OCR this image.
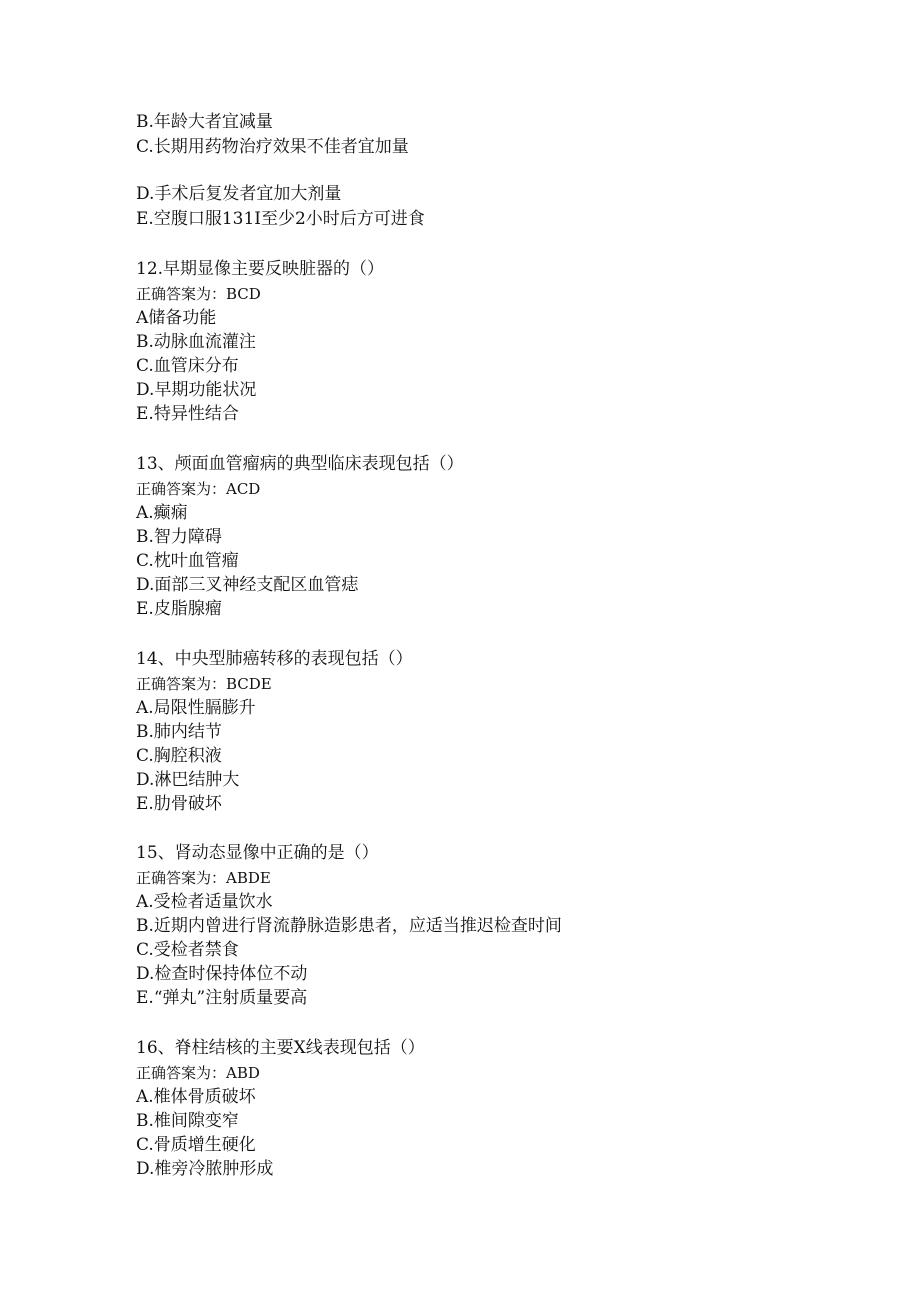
B.年龄大者宜减量
C.长期用药物治疗效果不佳者宜加量
D.手术后复发者宜加大剂量
E.空腹口服131I至少2小时后方可进食
12.早期显像主要反映脏器的（）
正确答案为：BCD
A储备功能
B.动脉血流灌注
C.血管床分布
D.早期功能状况
E.特异性结合
13、颅面血管瘤病的典型临床表现包括（）
正确答案为：ACD
A.癫痫
B.智力障碍
C.枕叶血管瘤
D.面部三叉神经支配区血管痣
E.皮脂腺瘤
14、中央型肺癌转移的表现包括（）
正确答案为：BCDE
A.局限性膈膨升
B.肺内结节
C.胸腔积液
D.淋巴结肿大
E.肋骨破坏
15、肾动态显像中正确的是（）
正确答案为：ABDE
A.受检者适量饮水
B.近期内曾进行肾流静脉造影患者，应适当推迟检查时间
C.受检者禁食
D.检查时保持体位不动
E.“弹丸”注射质量要高
16、脊柱结核的主要X线表现包括（）
正确答案为：ABD
A.椎体骨质破坏
B.椎间隙变窄
C.骨质增生硬化
D.椎旁冷脓肿形成
